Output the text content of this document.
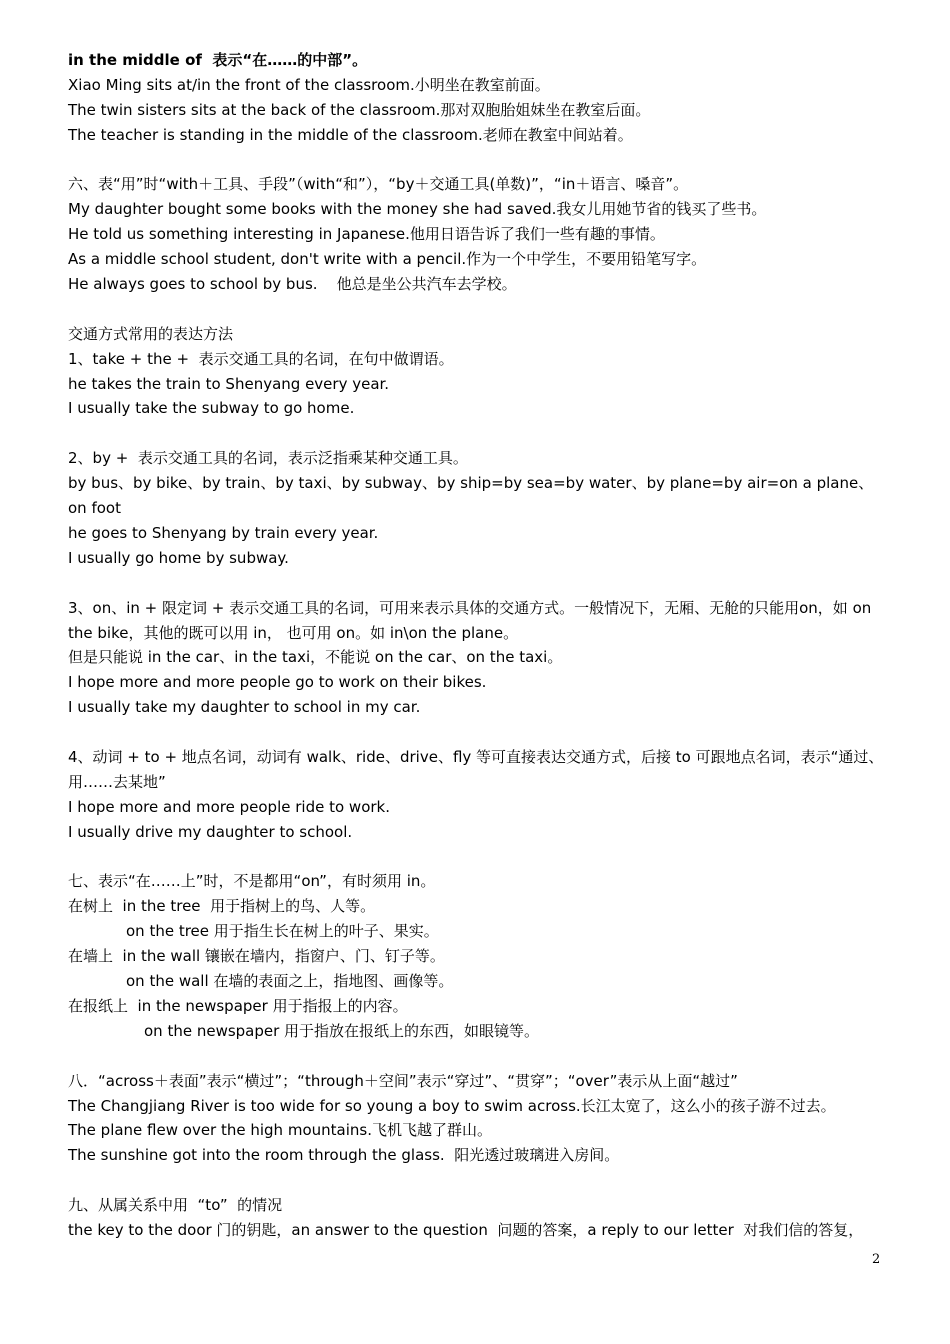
in the middle of  表示“在……的中部”。
Xiao Ming sits at/in the front of the classroom.小明坐在教室前面。
The twin sisters sits at the back of the classroom.那对双胞胎姐妹坐在教室后面。
The teacher is standing in the middle of the classroom.老师在教室中间站着。
六、表“用”时“with＋工具、手段”（with“和”），“by＋交通工具(单数)”，“in＋语言、嗓音”。
My daughter bought some books with the money she had saved.我女儿用她节省的钱买了些书。
He told us something interesting in Japanese.他用日语告诉了我们一些有趣的事情。
As a middle school student, don't write with a pencil.作为一个中学生，不要用铅笔写字。
He always goes to school by bus.    他总是坐公共汽车去学校。
交通方式常用的表达方法
1、take + the +  表示交通工具的名词，在句中做谓语。
he takes the train to Shenyang every year.
I usually take the subway to go home.
2、by +  表示交通工具的名词，表示泛指乘某种交通工具。
by bus、by bike、by train、by taxi、by subway、by ship=by sea=by water、by plane=by air=on a plane、 on foot
he goes to Shenyang by train every year.
I usually go home by subway.
3、on、in + 限定词 + 表示交通工具的名词，可用来表示具体的交通方式。一般情况下，无厢、无舱的只能用on，如 on the bike，其他的既可以用 in， 也可用 on。如 in\on the plane。
但是只能说 in the car、in the taxi，不能说 on the car、on the taxi。
I hope more and more people go to work on their bikes.
I usually take my daughter to school in my car.
4、动词 + to + 地点名词，动词有 walk、ride、drive、fly 等可直接表达交通方式，后接 to 可跟地点名词，表示“通过、用……去某地”
I hope more and more people ride to work.
I usually drive my daughter to school.
七、表示“在……上”时，不是都用“on”，有时须用 in。
在树上  in the tree  用于指树上的鸟、人等。
on the tree 用于指生长在树上的叶子、果实。
在墙上  in the wall 镶嵌在墙内，指窗户、门、钉子等。
on the wall 在墙的表面之上，指地图、画像等。
在报纸上  in the newspaper 用于指报上的内容。
on the newspaper 用于指放在报纸上的东西，如眼镜等。
八．“across＋表面”表示“横过”；“through＋空间”表示“穿过”、“贯穿”；“over”表示从上面“越过”
The Changjiang River is too wide for so young a boy to swim across.长江太宽了，这么小的孩子游不过去。
The plane flew over the high mountains.飞机飞越了群山。
The sunshine got into the room through the glass.  阳光透过玻璃进入房间。
九、从属关系中用  “to”  的情况
the key to the door 门的钥匙，an answer to the question  问题的答案，a reply to our letter  对我们信的答复，
2
